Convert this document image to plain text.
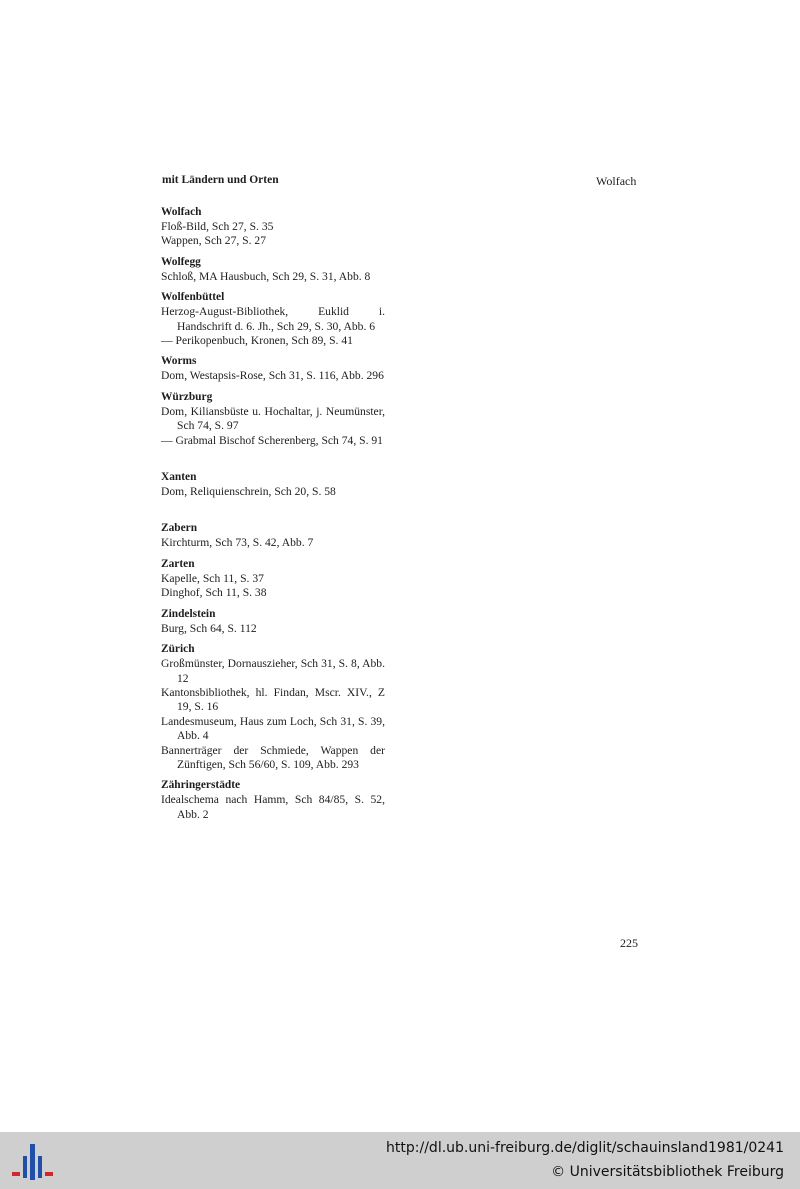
mit Ländern und Orten	Wolfach
Wolfach
Floß-Bild, Sch 27, S. 35
Wappen, Sch 27, S. 27
Wolfegg
Schloß, MA Hausbuch, Sch 29, S. 31, Abb. 8
Wolfenbüttel
Herzog-August-Bibliothek, Euklid i. Handschrift d. 6. Jh., Sch 29, S. 30, Abb. 6
— Perikopenbuch, Kronen, Sch 89, S. 41
Worms
Dom, Westapsis-Rose, Sch 31, S. 116, Abb. 296
Würzburg
Dom, Kiliansbüste u. Hochaltar, j. Neumünster, Sch 74, S. 97
— Grabmal Bischof Scherenberg, Sch 74, S. 91
Xanten
Dom, Reliquienschrein, Sch 20, S. 58
Zabern
Kirchturm, Sch 73, S. 42, Abb. 7
Zarten
Kapelle, Sch 11, S. 37
Dinghof, Sch 11, S. 38
Zindelstein
Burg, Sch 64, S. 112
Zürich
Großmünster, Dornauszieher, Sch 31, S. 8, Abb. 12
Kantonsbibliothek, hl. Findan, Mscr. XIV., Z 19, S. 16
Landesmuseum, Haus zum Loch, Sch 31, S. 39, Abb. 4
Bannerträger der Schmiede, Wappen der Zünftigen, Sch 56/60, S. 109, Abb. 293
Zähringerstädte
Idealschema nach Hamm, Sch 84/85, S. 52, Abb. 2
225
http://dl.ub.uni-freiburg.de/diglit/schauinsland1981/0241
© Universitätsbibliothek Freiburg
